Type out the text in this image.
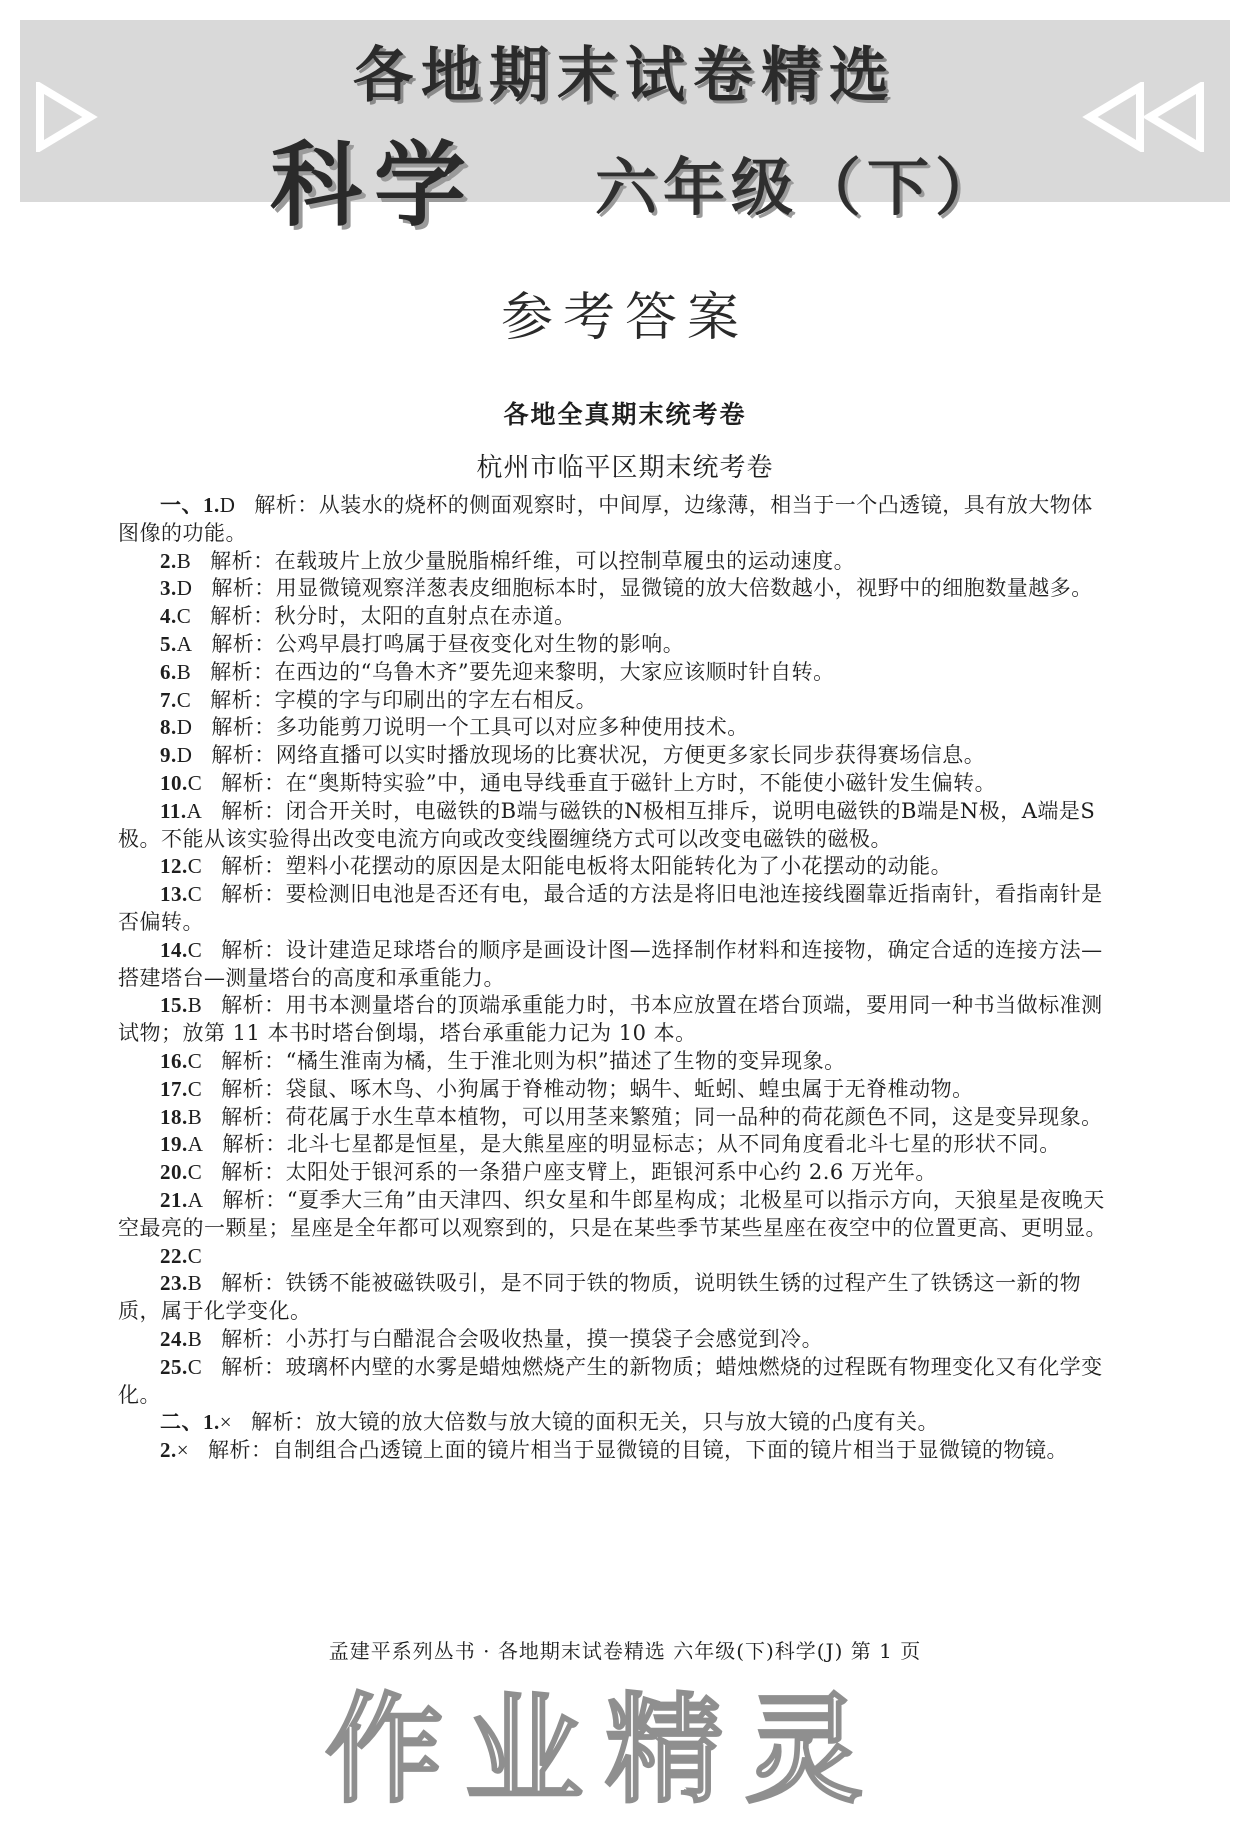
各地期末试卷精选
科学 六年级（下）
参考答案
各地全真期末统考卷
杭州市临平区期末统考卷

一、1.D 解析：从装水的烧杯的侧面观察时，中间厚，边缘薄，相当于一个凸透镜，具有放大物体图像的功能。

2.B 解析：在载玻片上放少量脱脂棉纤维，可以控制草履虫的运动速度。

3.D 解析：用显微镜观察洋葱表皮细胞标本时，显微镜的放大倍数越小，视野中的细胞数量越多。

4.C 解析：秋分时，太阳的直射点在赤道。

5.A 解析：公鸡早晨打鸣属于昼夜变化对生物的影响。

6.B 解析：在西边的“乌鲁木齐”要先迎来黎明，大家应该顺时针自转。

7.C 解析：字模的字与印刷出的字左右相反。

8.D 解析：多功能剪刀说明一个工具可以对应多种使用技术。

9.D 解析：网络直播可以实时播放现场的比赛状况，方便更多家长同步获得赛场信息。

10.C 解析：在“奥斯特实验”中，通电导线垂直于磁针上方时，不能使小磁针发生偏转。

11.A 解析：闭合开关时，电磁铁的B端与磁铁的N极相互排斥，说明电磁铁的B端是N极，A端是S极。不能从该实验得出改变电流方向或改变线圈缠绕方式可以改变电磁铁的磁极。

12.C 解析：塑料小花摆动的原因是太阳能电板将太阳能转化为了小花摆动的动能。

13.C 解析：要检测旧电池是否还有电，最合适的方法是将旧电池连接线圈靠近指南针，看指南针是否偏转。

14.C 解析：设计建造足球塔台的顺序是画设计图—选择制作材料和连接物，确定合适的连接方法—搭建塔台—测量塔台的高度和承重能力。

15.B 解析：用书本测量塔台的顶端承重能力时，书本应放置在塔台顶端，要用同一种书当做标准测试物；放第 11 本书时塔台倒塌，塔台承重能力记为 10 本。

16.C 解析：“橘生淮南为橘，生于淮北则为枳”描述了生物的变异现象。

17.C 解析：袋鼠、啄木鸟、小狗属于脊椎动物；蜗牛、蚯蚓、蝗虫属于无脊椎动物。

18.B 解析：荷花属于水生草本植物，可以用茎来繁殖；同一品种的荷花颜色不同，这是变异现象。

19.A 解析：北斗七星都是恒星，是大熊星座的明显标志；从不同角度看北斗七星的形状不同。

20.C 解析：太阳处于银河系的一条猎户座支臂上，距银河系中心约 2.6 万光年。

21.A 解析：“夏季大三角”由天津四、织女星和牛郎星构成；北极星可以指示方向，天狼星是夜晚天空最亮的一颗星；星座是全年都可以观察到的，只是在某些季节某些星座在夜空中的位置更高、更明显。

22.C

23.B 解析：铁锈不能被磁铁吸引，是不同于铁的物质，说明铁生锈的过程产生了铁锈这一新的物质，属于化学变化。

24.B 解析：小苏打与白醋混合会吸收热量，摸一摸袋子会感觉到冷。

25.C 解析：玻璃杯内壁的水雾是蜡烛燃烧产生的新物质；蜡烛燃烧的过程既有物理变化又有化学变化。

二、1.× 解析：放大镜的放大倍数与放大镜的面积无关，只与放大镜的凸度有关。

2.× 解析：自制组合凸透镜上面的镜片相当于显微镜的目镜，下面的镜片相当于显微镜的物镜。

孟建平系列丛书 · 各地期末试卷精选 六年级(下)科学(J) 第 1 页
作业精灵
